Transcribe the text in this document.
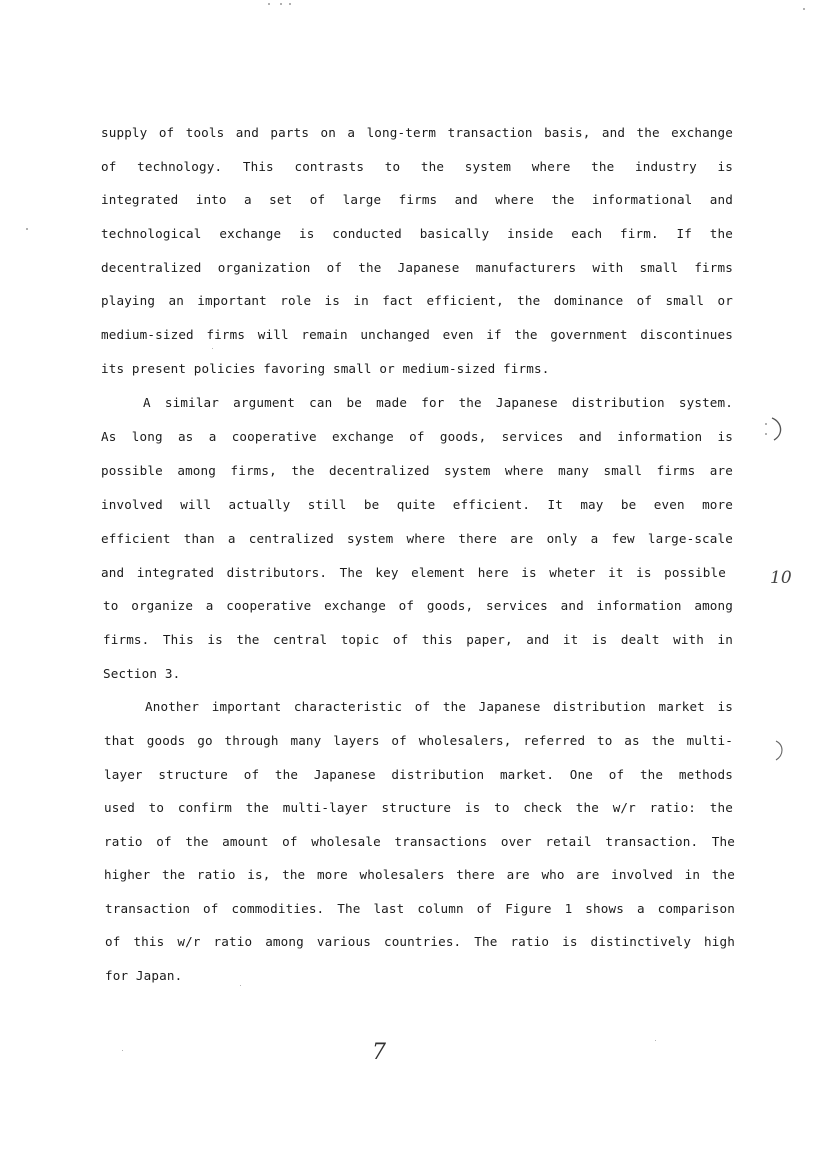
supply of tools and parts on a long-term transaction basis, and the exchange
of technology. This contrasts to the system where the industry is
integrated into a set of large firms and where the informational and
technological exchange is conducted basically inside each firm. If the
decentralized organization of the Japanese manufacturers with small firms
playing an important role is in fact efficient, the dominance of small or
medium-sized firms will remain unchanged even if the government discontinues
its present policies favoring small or medium-sized firms.
A similar argument can be made for the Japanese distribution system.
As long as a cooperative exchange of goods, services and information is
possible among firms, the decentralized system where many small firms are
involved will actually still be quite efficient. It may be even more
efficient than a centralized system where there are only a few large-scale
and integrated distributors. The key element here is wheter it is possible
to organize a cooperative exchange of goods, services and information among
firms. This is the central topic of this paper, and it is dealt with in
Section 3.
Another important characteristic of the Japanese distribution market is
that goods go through many layers of wholesalers, referred to as the multi-
layer structure of the Japanese distribution market. One of the methods
used to confirm the multi-layer structure is to check the w/r ratio: the
ratio of the amount of wholesale transactions over retail transaction. The
higher the ratio is, the more wholesalers there are who are involved in the
transaction of commodities. The last column of Figure 1 shows a comparison
of this w/r ratio among various countries. The ratio is distinctively high
for Japan.
10
7
